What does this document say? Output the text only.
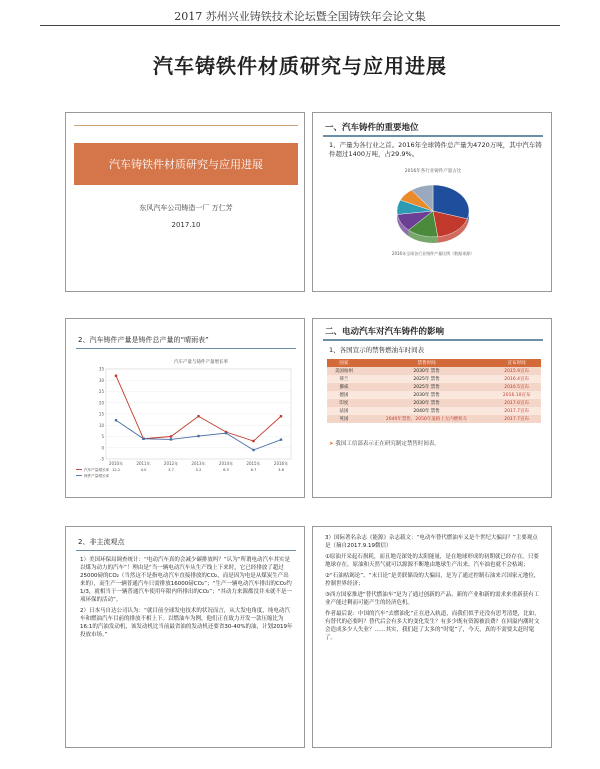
2017 苏州兴业铸铁技术论坛暨全国铸铁年会论文集
汽车铸铁件材质研究与应用进展
汽车铸铁件材质研究与应用进展
东风汽车公司铸造一厂 万仁芳
2017.10
一、汽车铸件的重要地位
1、产量为各行业之首。2016年全球铸件总产量为4720万吨，其中汽车铸件超过1400万吨，占29.9%。
2016年各行业铸件产量占比
2016年全球各行业铸件产量比例（数据来源）
2、汽车铸件产量是铸件总产量的“晴雨表”
汽车产量与铸件产量增长率
-5
0
5
10
15
20
25
30
35
2010年	2011年	2012年	2013年	2014年	2015年	2016年
汽车产量增长率
铸件产量增长率
12.2	4.0	3.7	5.2	6.5	6.7	3.6
二、电动汽车对汽车铸件的影响
1、各国宣示的禁售燃油车时间表
国家	禁售时间	宣布时间
美国加州	2030年 禁售	2015.9宣布
荷兰	2025年 禁售	2016.4宣布
挪威	2025年 禁售	2016.5宣布
德国	2030年 禁售	2016.10宣布
印度	2030年 禁售	2017.6宣布
法国	2040年 禁售	2017.7宣布
英国	2040年禁售，2050年道路上无内燃机车	2017.7宣布
➤ 我国工信部表示正在研究制定禁售时间表。
2、非主流观点

1）美国环保局调查统计：“电动汽车真的会减少碳排放吗？”认为“所谓电动汽车其实是以煤为动力的汽车”！理由是“当一辆电动汽车从生产线上下来时，它已经排放了超过25000磅的CO₂（当然这不是指电动汽车直接排放的CO₂，而是因为电是从煤炭生产出来的），而生产一辆普通汽车只需排放16000磅CO₂”；“生产一辆电动汽车排出的CO₂约1/3，就相当于一辆普通汽车使用年限内所排出的CO₂”；“其动力来源都没并未就不是一项环保的活动”。

2）日本马自达公司认为：“就目前全球发电技术的状况而言，从大发电角度，纯电动汽车和燃油汽车目前的排放不相上下。以燃油车为例，他们正在致力开发一款压缩比为16:1的汽油发动机，该发动机比当前最省油的发动机还要省30-40%的油，计划2019年投放市场。”

3）国际著名杂志《能源》杂志载文：“电动车替代燃油车又是个世纪大骗局？”主要观点是（摘自2017.9.19微信）

①原油开采起石损耗，而且地壳深处的太阳能量，是在地球形成的初期就已经存在。只要地球存在，原油和天然气就可以源源不断地由地球生产出来，汽车油也就不会枯竭；

②“石油枯竭论”、“末日论”是美联储设的大骗局，是为了通过控制石油来兴国家元地位，控制世界经济；

③西方国家推进“替代燃油车”是为了通过创新的产品、新的产业和新的需求来重新获有工业产能过剩而可能产生的经济危机。

作者最后说：中国的汽车“去燃油化”正在进入轨道，而我们似乎还没有思考清楚，比如，有替代的必要吗？替代后会有多大的变化发生？有多少既有资源被浪费？在回溢内潮时文会造成多少人失业？……其实，我们赶了太多的“时髦”了，今天，真的不需要太赶时髦了。
